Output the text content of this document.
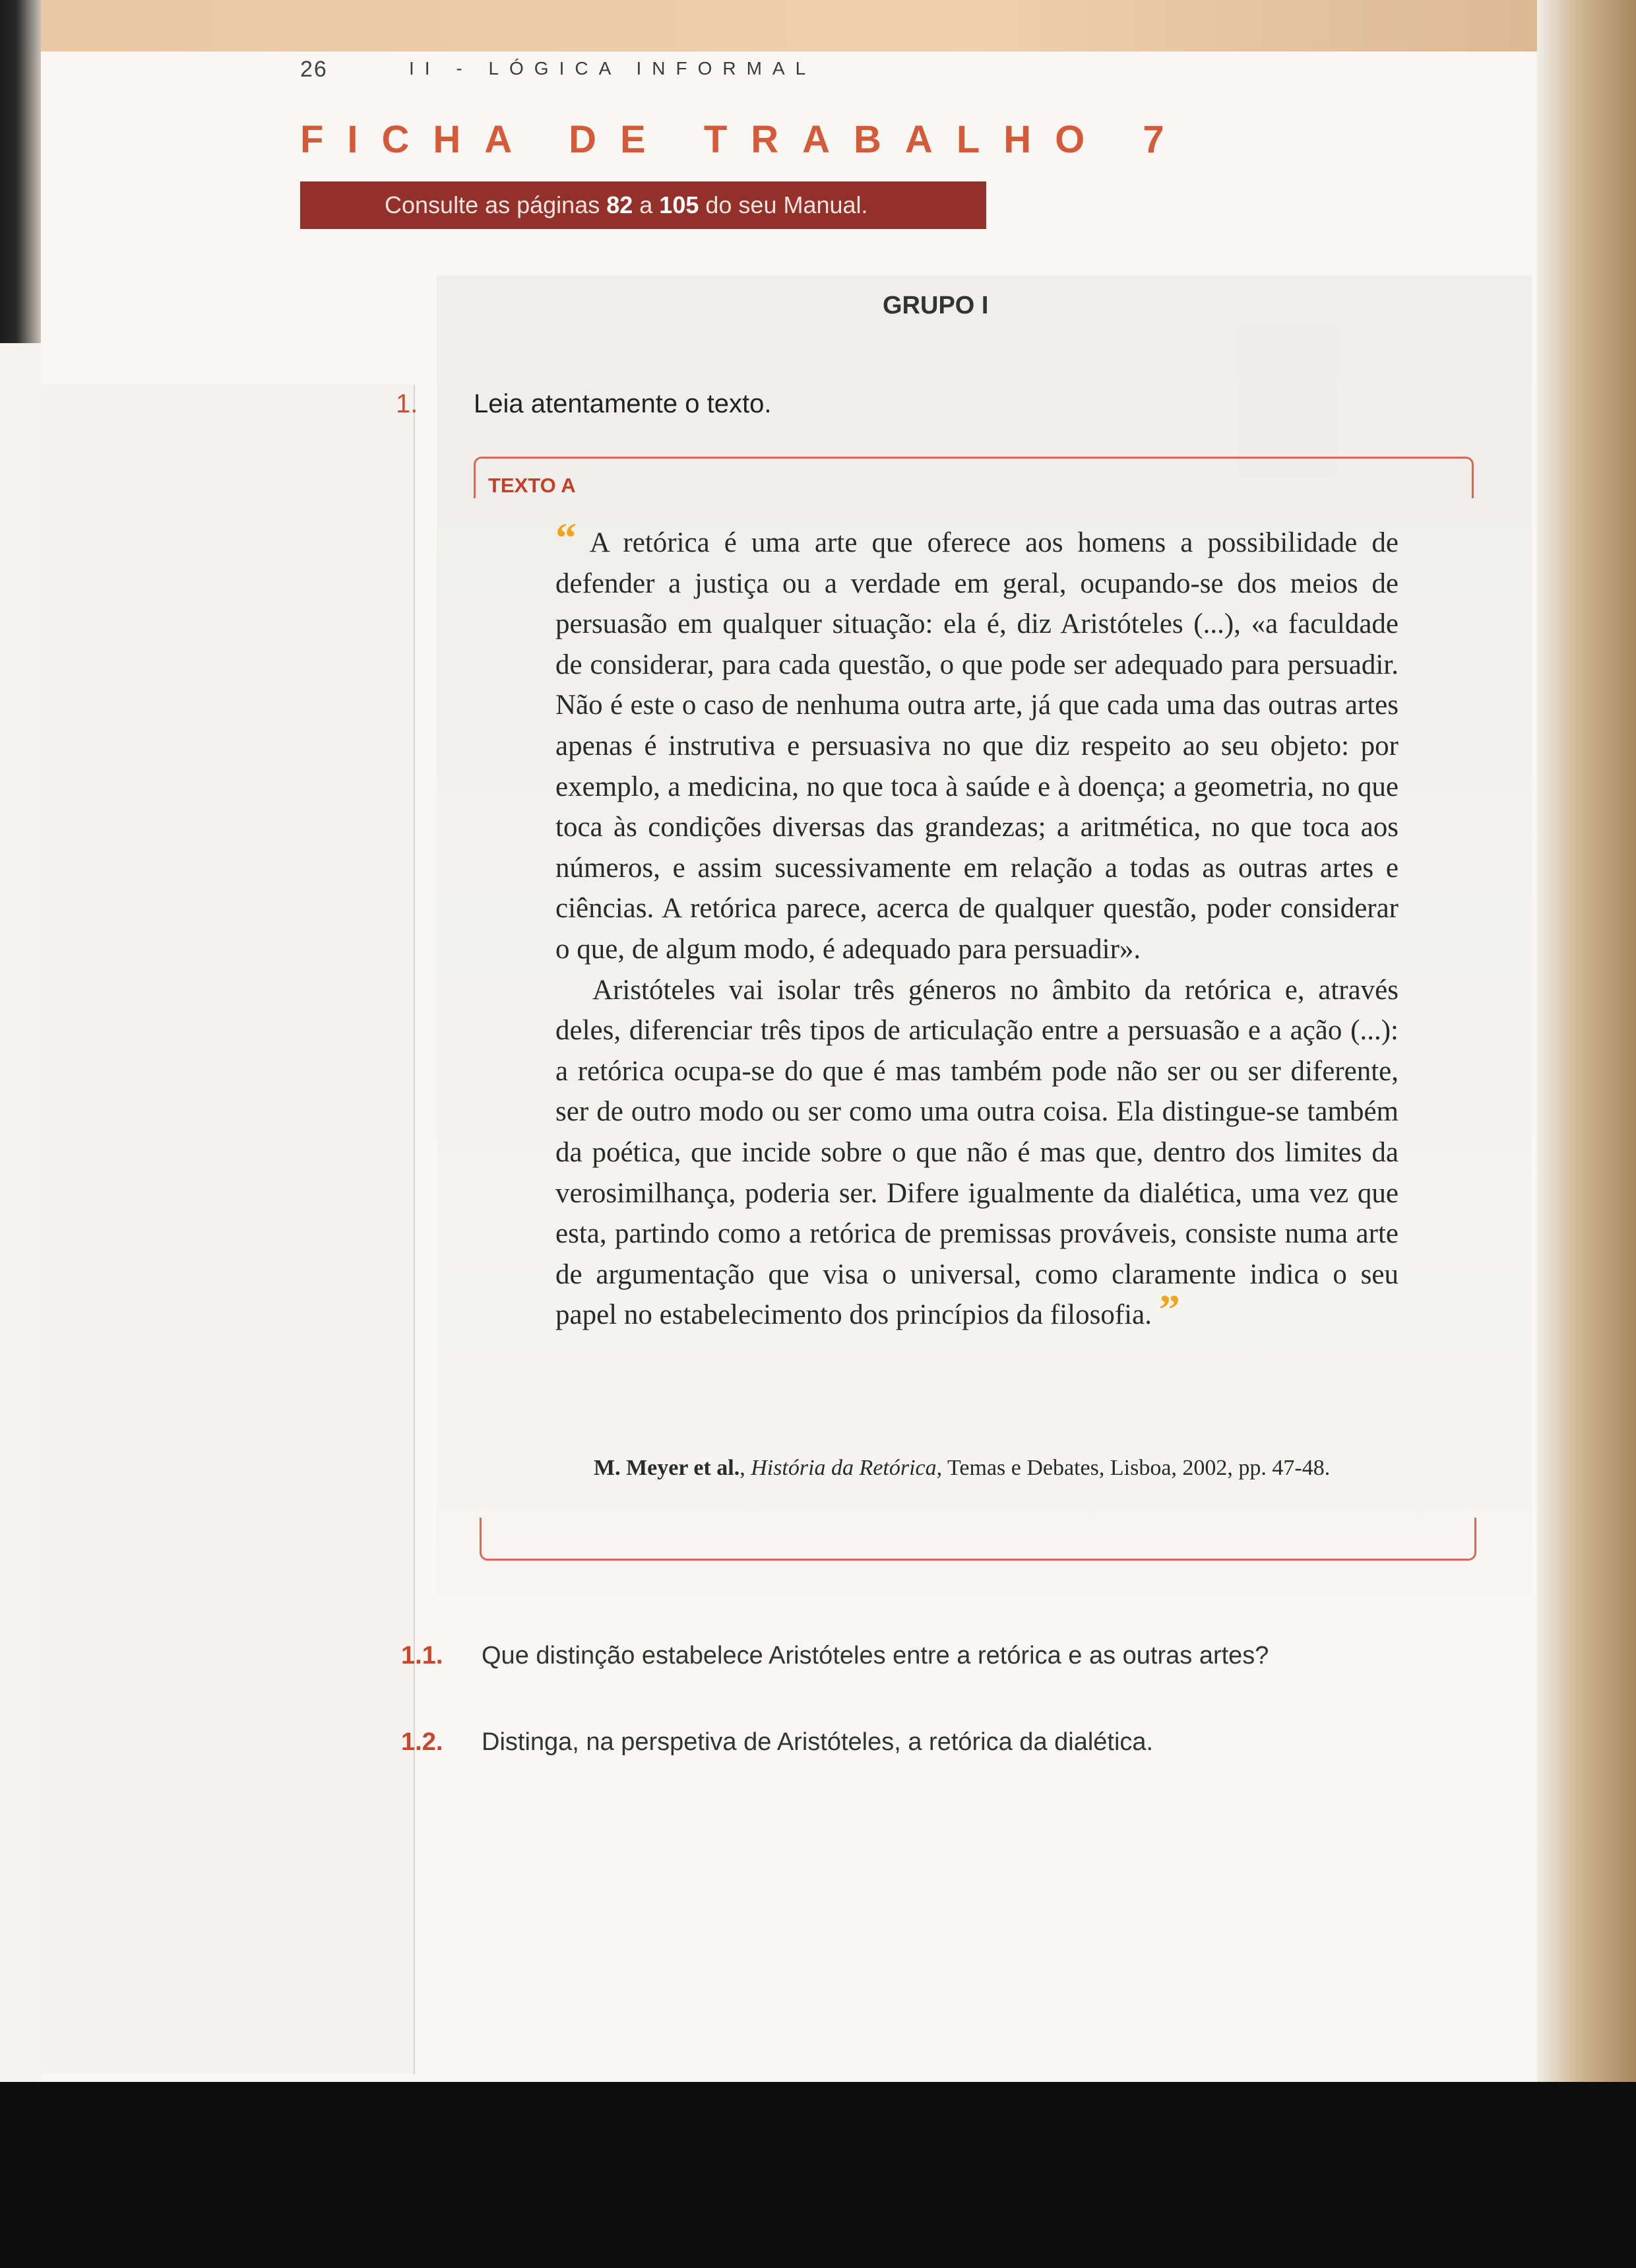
26	II - LÓGICA INFORMAL
FICHA DE TRABALHO 7
Consulte as páginas 82 a 105 do seu Manual.
GRUPO I
1. Leia atentamente o texto.
TEXTO A

“ A retórica é uma arte que oferece aos homens a possibilidade de defender a justiça ou a verdade em geral, ocupando-se dos meios de persuasão em qualquer situação: ela é, diz Aristóteles (...), «a faculdade de considerar, para cada questão, o que pode ser adequado para persuadir. Não é este o caso de nenhuma outra arte, já que cada uma das outras artes apenas é instrutiva e persuasiva no que diz respeito ao seu objeto: por exemplo, a medicina, no que toca à saúde e à doença; a geometria, no que toca às condições diversas das grandezas; a aritmética, no que toca aos números, e assim sucessivamente em relação a todas as outras artes e ciências. A retórica parece, acerca de qualquer questão, poder considerar o que, de algum modo, é adequado para persuadir».

Aristóteles vai isolar três géneros no âmbito da retórica e, através deles, diferenciar três tipos de articulação entre a persuasão e a ação (...): a retórica ocupa-se do que é mas também pode não ser ou ser diferente, ser de outro modo ou ser como uma outra coisa. Ela distingue-se também da poética, que incide sobre o que não é mas que, dentro dos limites da verosimilhança, poderia ser. Difere igualmente da dialética, uma vez que esta, partindo como a retórica de premissas prováveis, consiste numa arte de argumentação que visa o universal, como claramente indica o seu papel no estabelecimento dos princípios da filosofia. ”

M. Meyer et al., História da Retórica, Temas e Debates, Lisboa, 2002, pp. 47-48.
1.1. Que distinção estabelece Aristóteles entre a retórica e as outras artes?
1.2. Distinga, na perspetiva de Aristóteles, a retórica da dialética.
